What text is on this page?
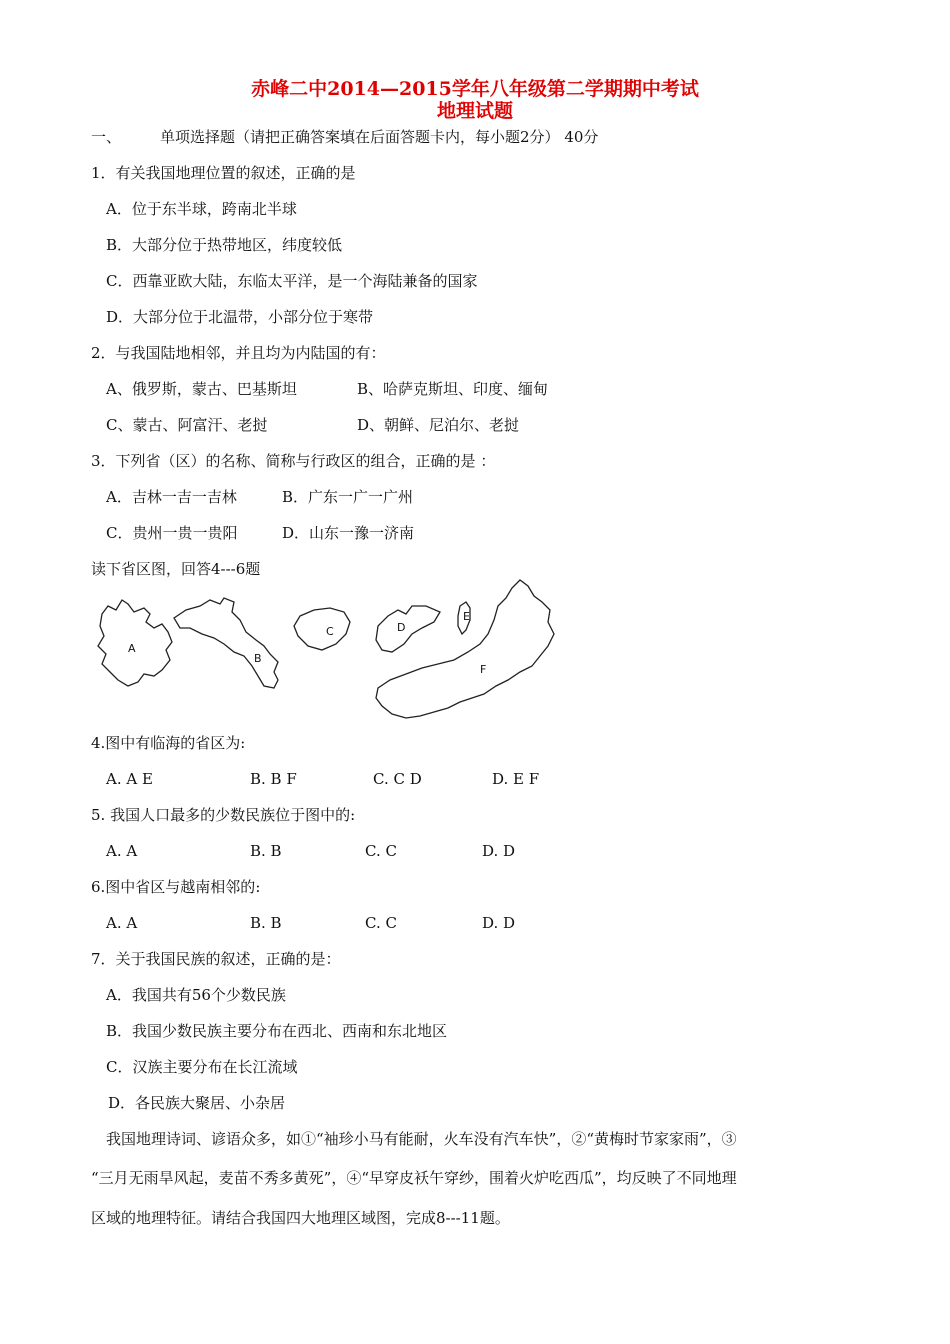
赤峰二中2014—2015学年八年级第二学期期中考试
地理试题
一、	单项选择题（请把正确答案填在后面答题卡内，每小题2分） 40分
1．有关我国地理位置的叙述，正确的是
A．位于东半球，跨南北半球
B．大部分位于热带地区，纬度较低
C．西靠亚欧大陆，东临太平洋，是一个海陆兼备的国家
D．大部分位于北温带，小部分位于寒带
2．与我国陆地相邻，并且均为内陆国的有：
A、俄罗斯，蒙古、巴基斯坦	B、哈萨克斯坦、印度、缅甸
C、蒙古、阿富汗、老挝	D、朝鲜、尼泊尔、老挝
3．下列省（区）的名称、简称与行政区的组合，正确的是 ：
A．吉林一吉一吉林	B．广东一广一广州
C．贵州一贵一贵阳	D．山东一豫一济南
读下省区图，回答4---6题
A
B
C	D
E
F
4.图中有临海的省区为:
A. A E	B. B F	C. C D	D. E F
5. 我国人口最多的少数民族位于图中的:
A. A	B. B	C. C	D. D
6.图中省区与越南相邻的:
A. A	B. B	C. C	D. D
7．关于我国民族的叙述，正确的是：
A．我国共有56个少数民族
B．我国少数民族主要分布在西北、西南和东北地区
C．汉族主要分布在长江流域
D．各民族大聚居、小杂居
我国地理诗词、谚语众多，如①“袖珍小马有能耐，火车没有汽车快”，②“黄梅时节家家雨”，③
“三月无雨旱风起，麦苗不秀多黄死”，④“早穿皮袄午穿纱，围着火炉吃西瓜”，均反映了不同地理
区域的地理特征。请结合我国四大地理区域图，完成8---11题。
